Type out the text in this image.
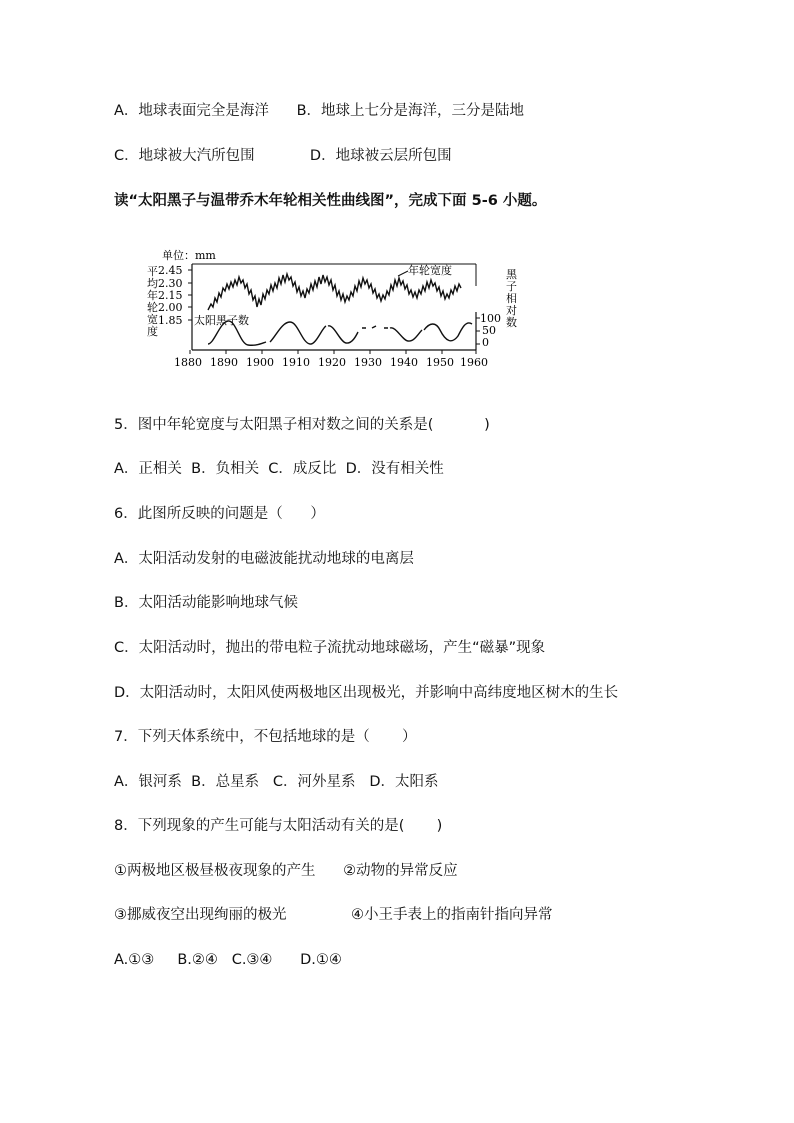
A．地球表面完全是海洋      B．地球上七分是海洋，三分是陆地
C．地球被大汽所包围            D．地球被云层所包围
读“太阳黑子与温带乔木年轮相关性曲线图”，完成下面 5-6 小题。
单位：mm
平
均
年
轮
宽
度
2.45
2.30
2.15
2.00
1.85	100
50
0
黑
子
相
对
数
年轮宽度
太阳黑子数
1880 1890 1900 1910 1920 1930 1940 1950 1960
5．图中年轮宽度与太阳黑子相对数之间的关系是(           )
A．正相关  B．负相关  C．成反比  D．没有相关性
6．此图所反映的问题是（      ）
A．太阳活动发射的电磁波能扰动地球的电离层
B．太阳活动能影响地球气候
C．太阳活动时，抛出的带电粒子流扰动地球磁场，产生“磁暴”现象
D．太阳活动时，太阳风使两极地区出现极光，并影响中高纬度地区树木的生长
7．下列天体系统中，不包括地球的是（       ）
A．银河系  B．总星系   C．河外星系   D．太阳系
8．下列现象的产生可能与太阳活动有关的是(       )
①两极地区极昼极夜现象的产生      ②动物的异常反应
③挪威夜空出现绚丽的极光              ④小王手表上的指南针指向异常
A.①③     B.②④   C.③④      D.①④
